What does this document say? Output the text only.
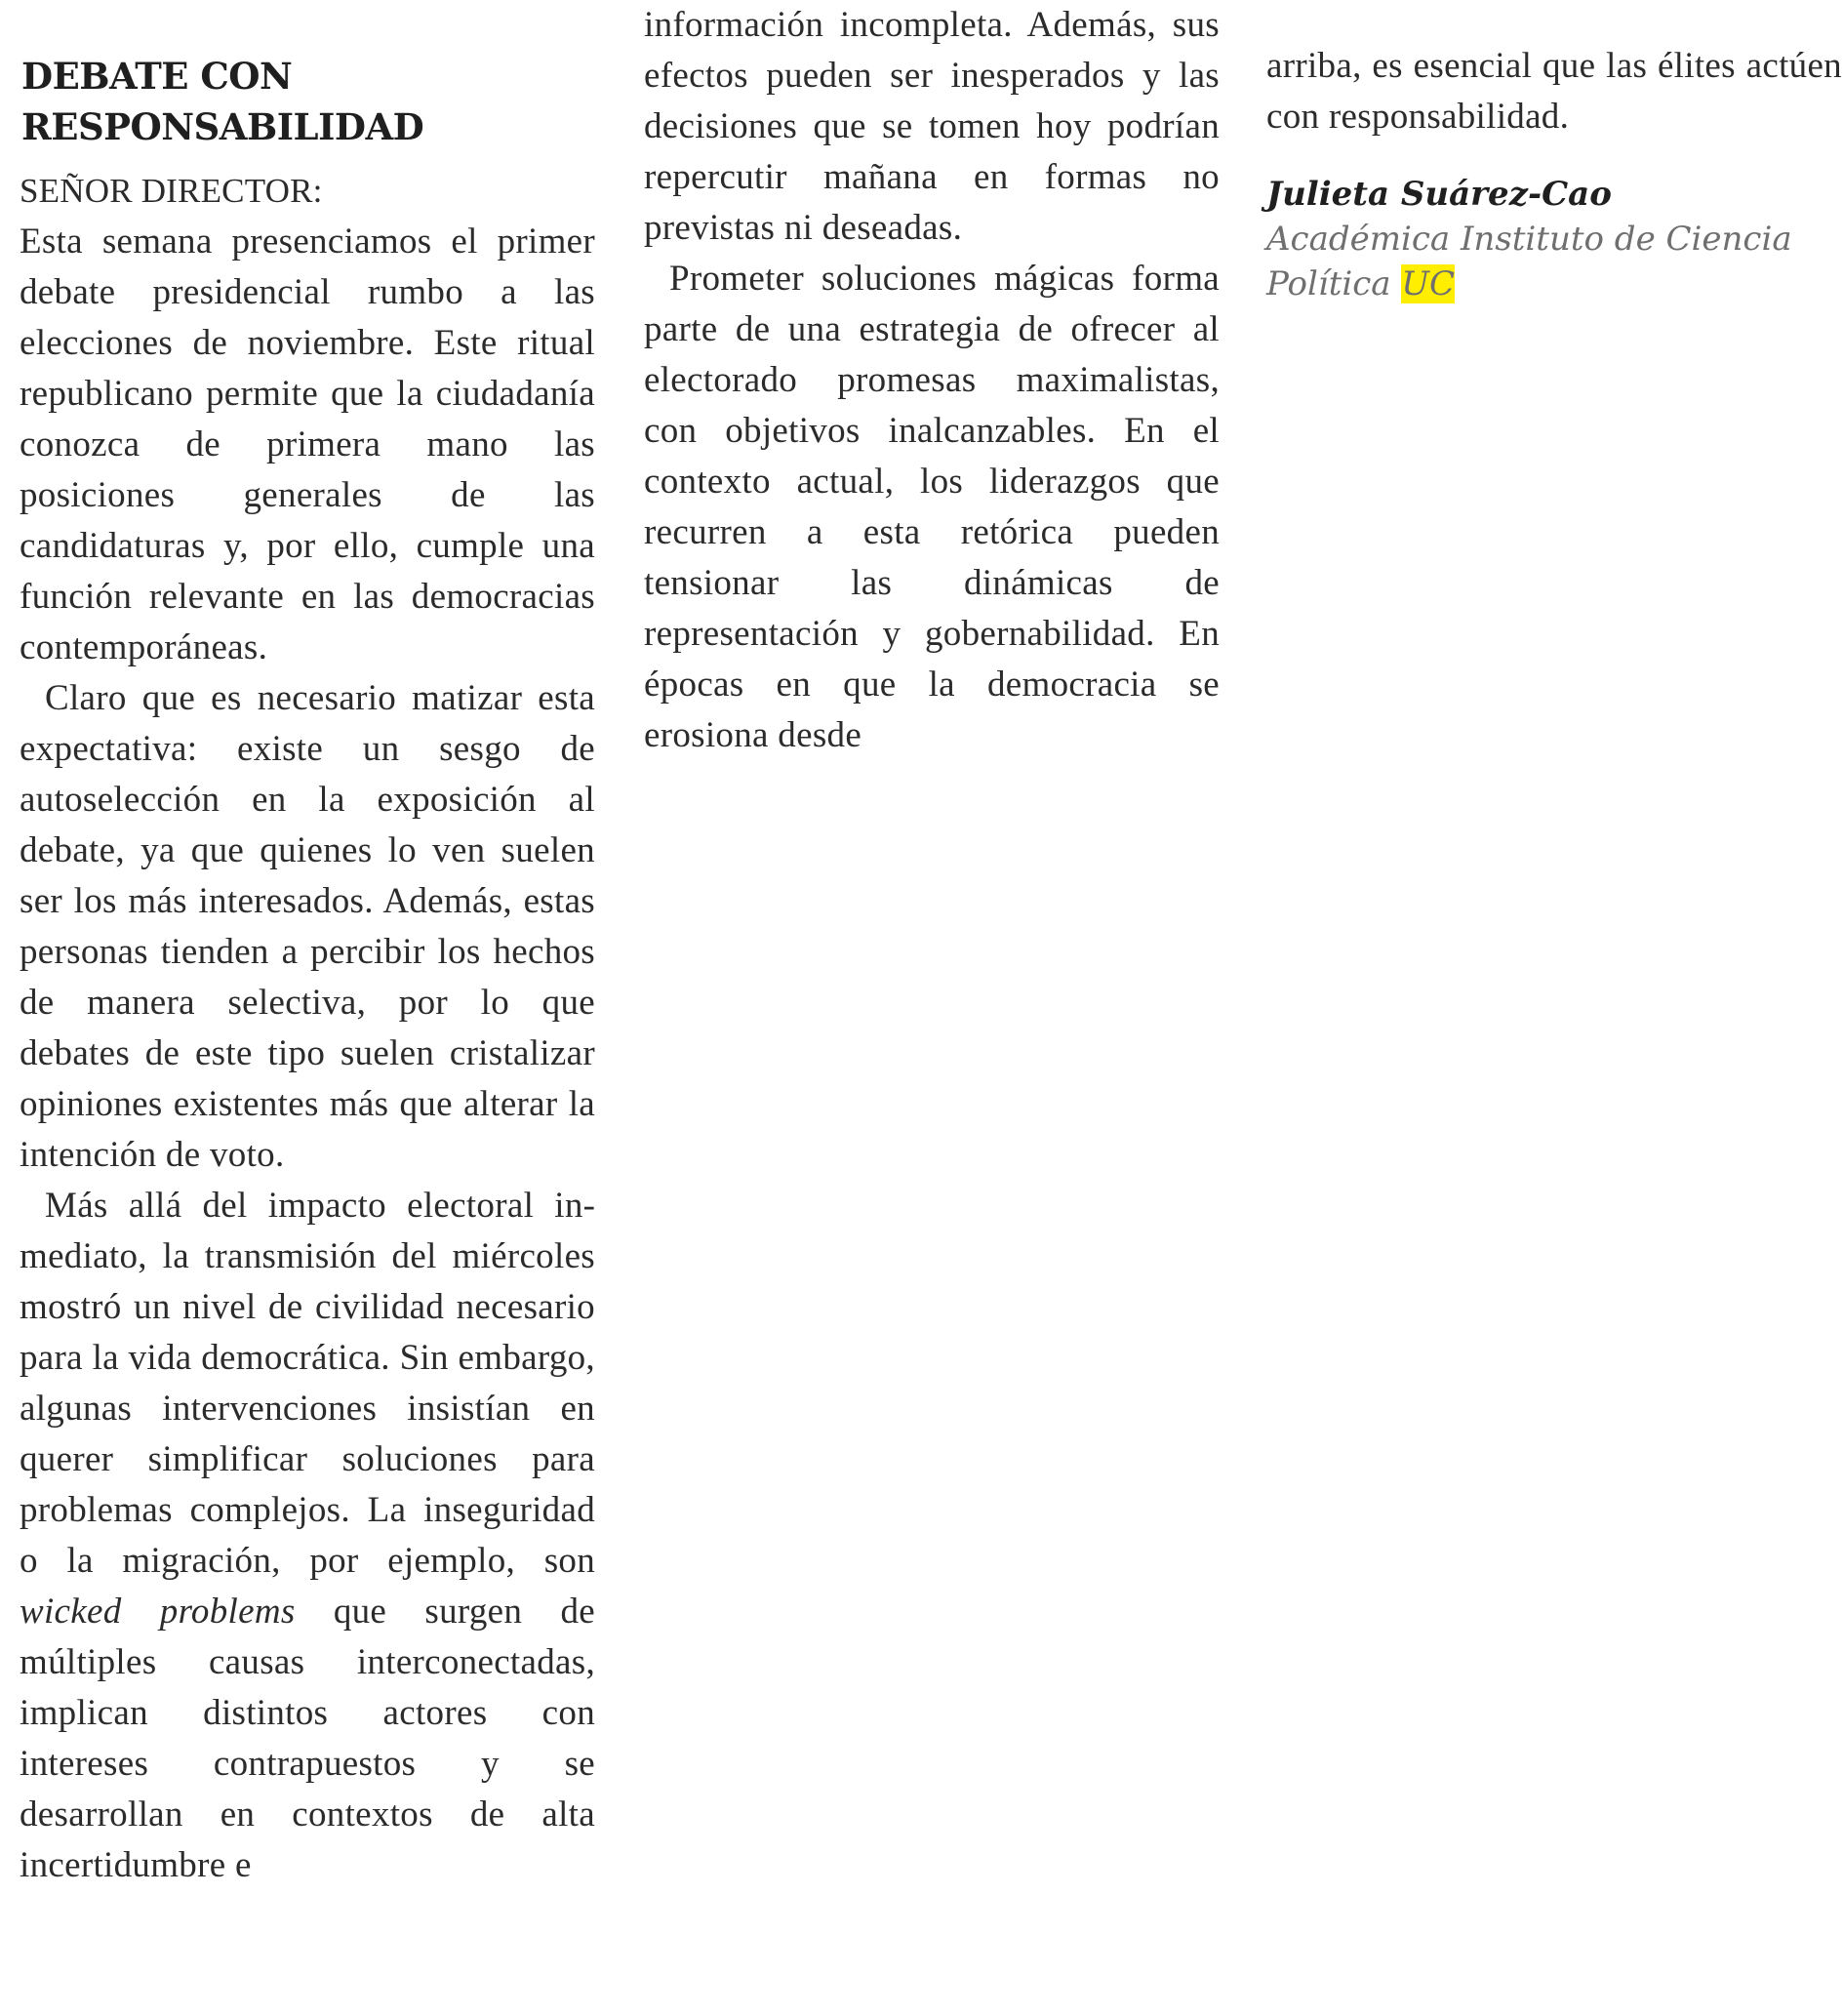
DEBATE CON
RESPONSABILIDAD

SEÑOR DIRECTOR:

Esta semana presenciamos el primer debate presidencial rumbo a las elecciones de noviembre. Este ritual republicano permite que la ciudadanía conozca de primera mano las posiciones generales de las candidaturas y, por ello, cumple una función relevante en las democracias contemporáneas.

Claro que es necesario matizar esta expectativa: existe un sesgo de autoselección en la exposición al debate, ya que quienes lo ven suelen ser los más interesados. Además, estas personas tienden a percibir los hechos de manera selectiva, por lo que debates de este tipo suelen cristalizar opiniones existentes más que alterar la intención de voto.

Más allá del impacto electoral inmediato, la transmisión del miércoles mostró un nivel de civilidad necesario para la vida democrática. Sin embargo, algunas intervenciones insistían en querer simplificar soluciones para problemas complejos. La inseguridad o la migración, por ejemplo, son wicked problems que surgen de múltiples causas interconectadas, implican distintos actores con intereses contrapuestos y se desarrollan en contextos de alta incertidumbre e

información incompleta. Además, sus efectos pueden ser inesperados y las decisiones que se tomen hoy podrían repercutir mañana en formas no previstas ni deseadas.

Prometer soluciones mágicas forma parte de una estrategia de ofrecer al electorado promesas maximalistas, con objetivos inalcanzables. En el contexto actual, los liderazgos que recurren a esta retórica pueden tensionar las dinámicas de representación y gobernabilidad. En épocas en que la democracia se erosiona desde

arriba, es esencial que las élites actúen con responsabilidad.

Julieta Suárez-Cao

Académica Instituto de Ciencia Política UC
